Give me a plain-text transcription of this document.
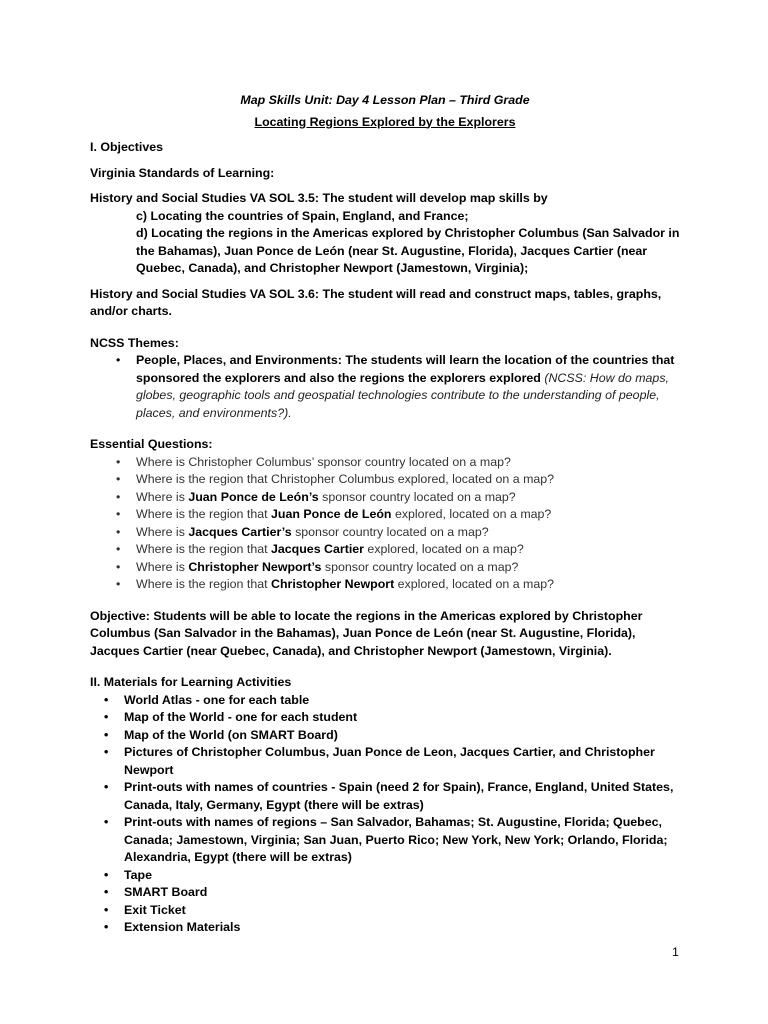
Map Skills Unit: Day 4 Lesson Plan – Third Grade

Locating Regions Explored by the Explorers

I. Objectives

Virginia Standards of Learning:

History and Social Studies VA SOL 3.5: The student will develop map skills by

c) Locating the countries of Spain, England, and France;

d) Locating the regions in the Americas explored by Christopher Columbus (San Salvador in the Bahamas), Juan Ponce de León (near St. Augustine, Florida), Jacques Cartier (near Quebec, Canada), and Christopher Newport (Jamestown, Virginia);

History and Social Studies VA SOL 3.6: The student will read and construct maps, tables, graphs, and/or charts.

NCSS Themes:

• People, Places, and Environments: The students will learn the location of the countries that sponsored the explorers and also the regions the explorers explored (NCSS: How do maps, globes, geographic tools and geospatial technologies contribute to the understanding of people, places, and environments?).

Essential Questions:

• Where is Christopher Columbus’ sponsor country located on a map?
• Where is the region that Christopher Columbus explored, located on a map?
• Where is Juan Ponce de León’s sponsor country located on a map?
• Where is the region that Juan Ponce de León explored, located on a map?
• Where is Jacques Cartier’s sponsor country located on a map?
• Where is the region that Jacques Cartier explored, located on a map?
• Where is Christopher Newport’s sponsor country located on a map?
• Where is the region that Christopher Newport explored, located on a map?

Objective: Students will be able to locate the regions in the Americas explored by Christopher Columbus (San Salvador in the Bahamas), Juan Ponce de León (near St. Augustine, Florida), Jacques Cartier (near Quebec, Canada), and Christopher Newport (Jamestown, Virginia).

II. Materials for Learning Activities

• World Atlas - one for each table
• Map of the World - one for each student
• Map of the World (on SMART Board)
• Pictures of Christopher Columbus, Juan Ponce de Leon, Jacques Cartier, and Christopher Newport
• Print-outs with names of countries - Spain (need 2 for Spain), France, England, United States, Canada, Italy, Germany, Egypt (there will be extras)
• Print-outs with names of regions – San Salvador, Bahamas; St. Augustine, Florida; Quebec, Canada; Jamestown, Virginia; San Juan, Puerto Rico; New York, New York; Orlando, Florida; Alexandria, Egypt (there will be extras)
• Tape
• SMART Board
• Exit Ticket
• Extension Materials
1
